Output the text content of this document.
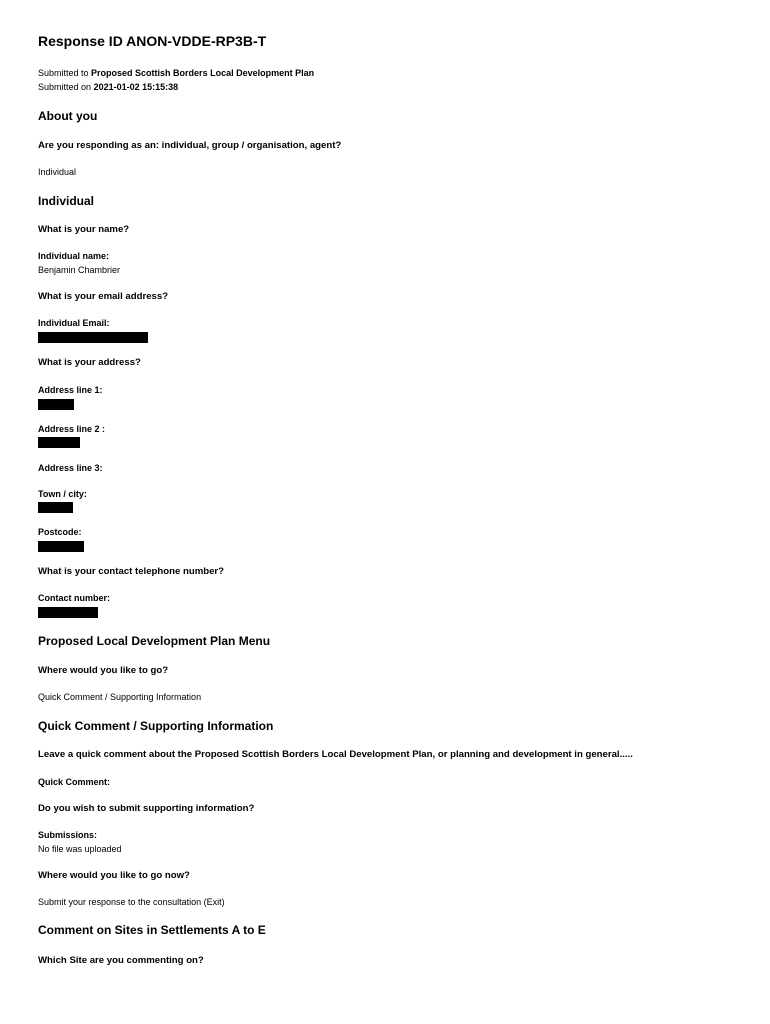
Response ID ANON-VDDE-RP3B-T
Submitted to Proposed Scottish Borders Local Development Plan
Submitted on 2021-01-02 15:15:38
About you
Are you responding as an: individual, group / organisation, agent?
Individual
Individual
What is your name?
Individual name:
Benjamin Chambrier
What is your email address?
Individual Email:
What is your address?
Address line 1:
Address line 2 :
Address line 3:
Town / city:
Postcode:
What is your contact telephone number?
Contact number:
Proposed Local Development Plan Menu
Where would you like to go?
Quick Comment / Supporting Information
Quick Comment / Supporting Information
Leave a quick comment about the Proposed Scottish Borders Local Development Plan, or planning and development in general.....
Quick Comment:
Do you wish to submit supporting information?
Submissions:
No file was uploaded
Where would you like to go now?
Submit your response to the consultation (Exit)
Comment on Sites in Settlements A to E
Which Site are you commenting on?
